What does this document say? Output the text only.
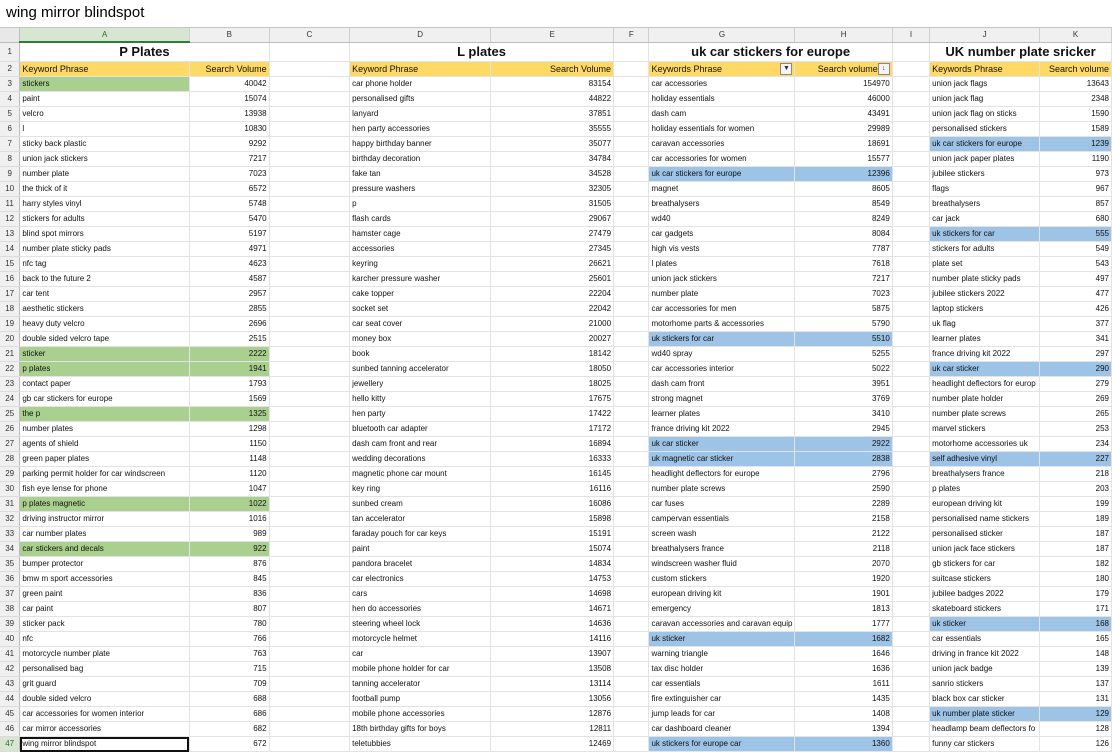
wing mirror blindspot
	A	B	C	D	E	F	G	H	I	J	K
1	P Plates			L plates			uk car stickers for europe			UK number plate sricker	
2	Keyword Phrase	Search Volume		Keyword Phrase	Search Volume		Keywords Phrase ▼	Search volume ↓		Keywords Phrase	Search volume
3	stickers	40042		car phone holder	83154		car accessories	154970		union jack flags	13643
4	paint	15074		personalised gifts	44822		holiday essentials	46000		union jack flag	2348
5	velcro	13938		lanyard	37851		dash cam	43491		union jack flag on sticks	1590
6	l	10830		hen party accessories	35555		holiday essentials for women	29989		personalised stickers	1589
7	sticky back plastic	9292		happy birthday banner	35077		caravan accessories	18691		uk car stickers for europe	1239
8	union jack stickers	7217		birthday decoration	34784		car accessories for women	15577		union jack paper plates	1190
9	number plate	7023		fake tan	34528		uk car stickers for europe	12396		jubilee stickers	973
10	the thick of it	6572		pressure washers	32305		magnet	8605		flags	967
11	harry styles vinyl	5748		p	31505		breathalysers	8549		breathalysers	857
12	stickers for adults	5470		flash cards	29067		wd40	8249		car jack	680
13	blind spot mirrors	5197		hamster cage	27479		car gadgets	8084		uk stickers for car	555
14	number plate sticky pads	4971		accessories	27345		high vis vests	7787		stickers for adults	549
15	nfc tag	4623		keyring	26621		l plates	7618		plate set	543
16	back to the future 2	4587		karcher pressure washer	25601		union jack stickers	7217		number plate sticky pads	497
17	car tent	2957		cake topper	22204		number plate	7023		jubilee stickers 2022	477
18	aesthetic stickers	2855		socket set	22042		car accessories for men	5875		laptop stickers	426
19	heavy duty velcro	2696		car seat cover	21000		motorhome parts & accessories	5790		uk flag	377
20	double sided velcro tape	2515		money box	20027		uk stickers for car	5510		learner plates	341
21	sticker	2222		book	18142		wd40 spray	5255		france driving kit 2022	297
22	p plates	1941		sunbed tanning accelerator	18050		car accessories interior	5022		uk car sticker	290
23	contact paper	1793		jewellery	18025		dash cam front	3951		headlight deflectors for europ	279
24	gb car stickers for europe	1569		hello kitty	17675		strong magnet	3769		number plate holder	269
25	the p	1325		hen party	17422		learner plates	3410		number plate screws	265
26	number plates	1298		bluetooth car adapter	17172		france driving kit 2022	2945		marvel stickers	253
27	agents of shield	1150		dash cam front and rear	16894		uk car sticker	2922		motorhome accessories uk	234
28	green paper plates	1148		wedding decorations	16333		uk magnetic car sticker	2838		self adhesive vinyl	227
29	parking permit holder for car windscreen	1120		magnetic phone car mount	16145		headlight deflectors for europe	2796		breathalysers france	218
30	fish eye lense for phone	1047		key ring	16116		number plate screws	2590		p plates	203
31	p plates magnetic	1022		sunbed cream	16086		car fuses	2289		european driving kit	199
32	driving instructor mirror	1016		tan accelerator	15898		campervan essentials	2158		personalised name stickers	189
33	car number plates	989		faraday pouch for car keys	15191		screen wash	2122		personalised sticker	187
34	car stickers and decals	922		paint	15074		breathalysers france	2118		union jack face stickers	187
35	bumper protector	876		pandora bracelet	14834		windscreen washer fluid	2070		gb stickers for car	182
36	bmw m sport accessories	845		car electronics	14753		custom stickers	1920		suitcase stickers	180
37	green paint	836		cars	14698		european driving kit	1901		jubilee badges 2022	179
38	car paint	807		hen do accessories	14671		emergency	1813		skateboard stickers	171
39	sticker pack	780		steering wheel lock	14636		caravan accessories and caravan equip	1777		uk sticker	168
40	nfc	766		motorcycle helmet	14116		uk sticker	1682		car essentials	165
41	motorcycle number plate	763		car	13907		warning triangle	1646		driving in france kit 2022	148
42	personalised bag	715		mobile phone holder for car	13508		tax disc holder	1636		union jack badge	139
43	grit guard	709		tanning accelerator	13114		car essentials	1611		sanrio stickers	137
44	double sided velcro	688		football pump	13056		fire extinguisher car	1435		black box car sticker	131
45	car accessories for women interior	686		mobile phone accessories	12876		jump leads for car	1408		uk number plate sticker	129
46	car mirror accessories	682		18th birthday gifts for boys	12811		car dashboard cleaner	1394		headlamp beam deflectors fo	128
47	wing mirror blindspot	672		teletubbies	12469		uk stickers for europe car	1360		funny car stickers	126
